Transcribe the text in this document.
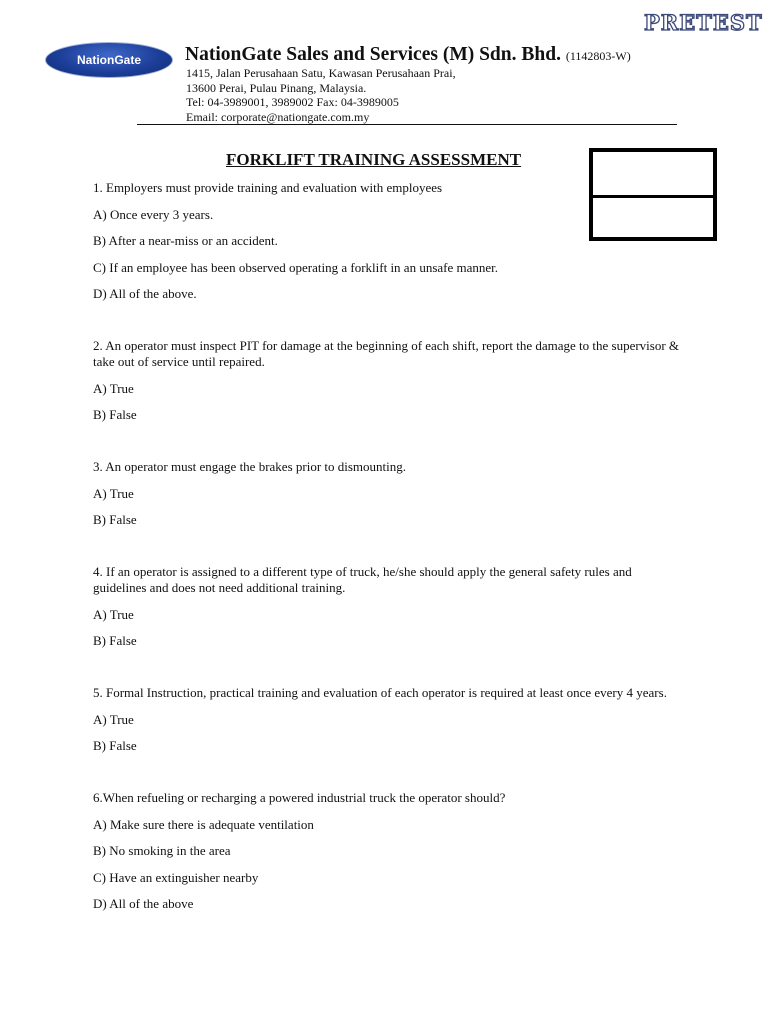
PRETEST
NationGate NationGate Sales and Services (M) Sdn. Bhd. (1142803-W)
1415, Jalan Perusahaan Satu, Kawasan Perusahaan Prai,
13600 Perai, Pulau Pinang, Malaysia.
Tel: 04-3989001, 3989002 Fax: 04-3989005
Email: corporate@nationgate.com.my
FORKLIFT TRAINING ASSESSMENT
1. Employers must provide training and evaluation with employees
A) Once every 3 years.
B) After a near-miss or an accident.
C) If an employee has been observed operating a forklift in an unsafe manner.
D) All of the above.
2. An operator must inspect PIT for damage at the beginning of each shift, report the damage to the supervisor & take out of service until repaired.
A) True
B) False
3. An operator must engage the brakes prior to dismounting.
A) True
B) False
4. If an operator is assigned to a different type of truck, he/she should apply the general safety rules and guidelines and does not need additional training.
A) True
B) False
5. Formal Instruction, practical training and evaluation of each operator is required at least once every 4 years.
A) True
B) False
6.When refueling or recharging a powered industrial truck the operator should?
A) Make sure there is adequate ventilation
B) No smoking in the area
C) Have an extinguisher nearby
D) All of the above
